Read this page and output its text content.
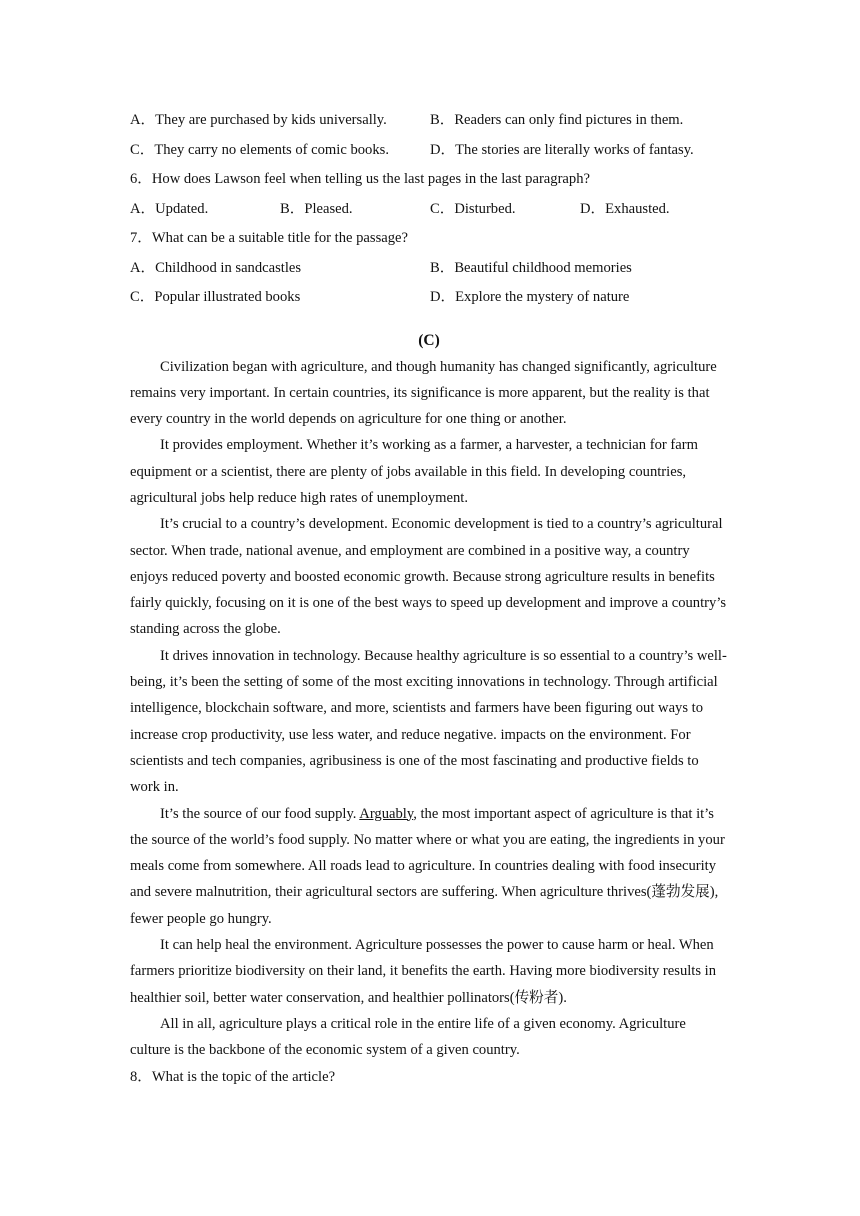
A．They are purchased by kids universally.	B．Readers can only find pictures in them.
C．They carry no elements of comic books.	D．The stories are literally works of fantasy.
6．How does Lawson feel when telling us the last pages in the last paragraph?
A．Updated.	B．Pleased.	C．Disturbed.	D．Exhausted.
7．What can be a suitable title for the passage?
A．Childhood in sandcastles	B．Beautiful childhood memories
C．Popular illustrated books	D．Explore the mystery of nature
(C)

Civilization began with agriculture, and though humanity has changed significantly, agriculture remains very important. In certain countries, its significance is more apparent, but the reality is that every country in the world depends on agriculture for one thing or another.

It provides employment. Whether it’s working as a farmer, a harvester, a technician for farm equipment or a scientist, there are plenty of jobs available in this field. In developing countries, agricultural jobs help reduce high rates of unemployment.

It’s crucial to a country’s development. Economic development is tied to a country’s agricultural sector. When trade, national avenue, and employment are combined in a positive way, a country enjoys reduced poverty and boosted economic growth. Because strong agriculture results in benefits fairly quickly, focusing on it is one of the best ways to speed up development and improve a country’s standing across the globe.

It drives innovation in technology. Because healthy agriculture is so essential to a country’s well-being, it’s been the setting of some of the most exciting innovations in technology. Through artificial intelligence, blockchain software, and more, scientists and farmers have been figuring out ways to increase crop productivity, use less water, and reduce negative. impacts on the environment. For scientists and tech companies, agribusiness is one of the most fascinating and productive fields to work in.

It’s the source of our food supply. Arguably, the most important aspect of agriculture is that it’s the source of the world’s food supply. No matter where or what you are eating, the ingredients in your meals come from somewhere. All roads lead to agriculture. In countries dealing with food insecurity and severe malnutrition, their agricultural sectors are suffering. When agriculture thrives(蓬勃发展), fewer people go hungry.

It can help heal the environment. Agriculture possesses the power to cause harm or heal. When farmers prioritize biodiversity on their land, it benefits the earth. Having more biodiversity results in healthier soil, better water conservation, and healthier pollinators(传粉者).

All in all, agriculture plays a critical role in the entire life of a given economy. Agriculture culture is the backbone of the economic system of a given country.

8．What is the topic of the article?
